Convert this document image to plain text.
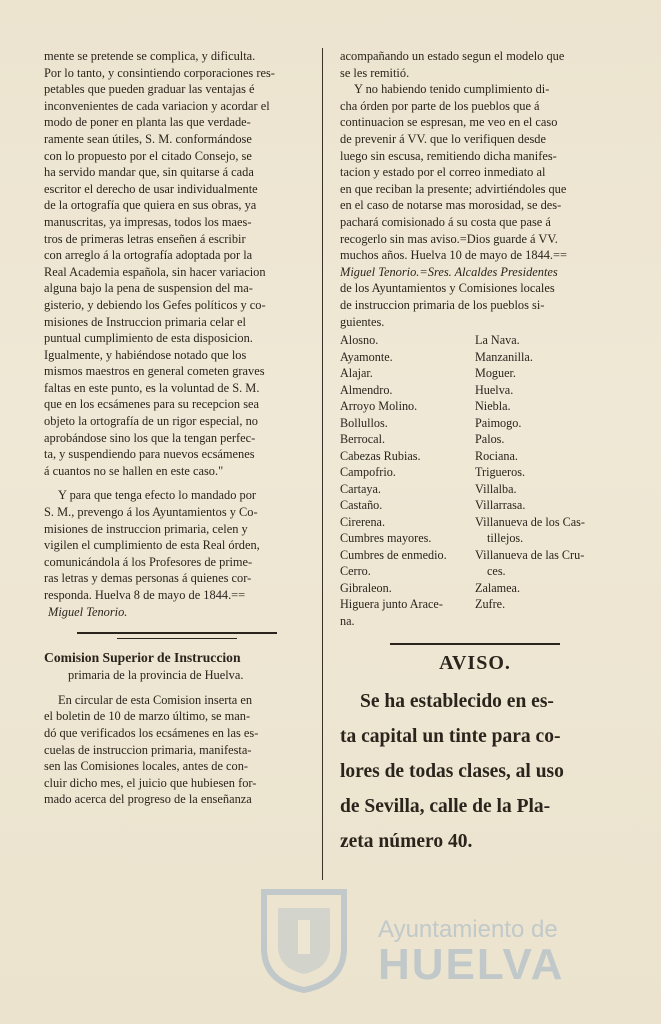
mente se pretende se complica, y dificulta.
Por lo tanto, y consintiendo corporaciones res-
petables que pueden graduar las ventajas é
inconvenientes de cada variacion y acordar el
modo de poner en planta las que verdade-
ramente sean útiles, S. M. conformándose
con lo propuesto por el citado Consejo, se
ha servido mandar que, sin quitarse á cada
escritor el derecho de usar individualmente
de la ortografía que quiera en sus obras, ya
manuscritas, ya impresas, todos los maes-
tros de primeras letras enseñen á escribir
con arreglo á la ortografía adoptada por la
Real Academia española, sin hacer variacion
alguna bajo la pena de suspension del ma-
gisterio, y debiendo los Gefes políticos y co-
misiones de Instruccion primaria celar el
puntual cumplimiento de esta disposicion.
Igualmente, y habiéndose notado que los
mismos maestros en general cometen graves
faltas en este punto, es la voluntad de S. M.
que en los ecsámenes para su recepcion sea
objeto la ortografía de un rigor especial, no
aprobándose sino los que la tengan perfec-
ta, y suspendiendo para nuevos ecsámenes
á cuantos no se hallen en este caso."
Y para que tenga efecto lo mandado por
S. M., prevengo á los Ayuntamientos y Co-
misiones de instruccion primaria, celen y
vigilen el cumplimiento de esta Real órden,
comunicándola á los Profesores de prime-
ras letras y demas personas á quienes cor-
responda. Huelva 8 de mayo de 1844.==
Miguel Tenorio.
Comision Superior de Instruccion
primaria de la provincia de Huelva.
En circular de esta Comision inserta en
el boletin de 10 de marzo último, se man-
dó que verificados los ecsámenes en las es-
cuelas de instruccion primaria, manifesta-
sen las Comisiones locales, antes de con-
cluir dicho mes, el juicio que hubiesen for-
mado acerca del progreso de la enseñanza
acompañando un estado segun el modelo que
se les remitió.
Y no habiendo tenido cumplimiento di-
cha órden por parte de los pueblos que á
continuacion se espresan, me veo en el caso
de prevenir á VV. que lo verifiquen desde
luego sin escusa, remitiendo dicha manifes-
tacion y estado por el correo inmediato al
en que reciban la presente; advirtiéndoles que
en el caso de notarse mas morosidad, se des-
pachará comisionado á su costa que pase á
recogerlo sin mas aviso.=Dios guarde á VV.
muchos años. Huelva 10 de mayo de 1844.==
Miguel Tenorio.=Sres. Alcaldes Presidentes
de los Ayuntamientos y Comisiones locales
de instruccion primaria de los pueblos si-
guientes.
Alosno.	La Nava.
Ayamonte.	Manzanilla.
Alajar.	Moguer.
Almendro.	Huelva.
Arroyo Molino.	Niebla.
Bollullos.	Paimogo.
Berrocal.	Palos.
Cabezas Rubias.	Rociana.
Campofrio.	Trigueros.
Cartaya.	Villalba.
Castaño.	Villarrasa.
Cirerena.	Villanueva de los Cas-
Cumbres mayores.	tillejos.
Cumbres de enmedio.	Villanueva de las Cru-
Cerro.	ces.
Gibraleon.	Zalamea.
Higuera junto Arace-	Zufre.
na.
AVISO.
Se ha establecido en es-
ta capital un tinte para co-
lores de todas clases, al uso
de Sevilla, calle de la Pla-
zeta número 40.
Ayuntamiento de
HUELVA
